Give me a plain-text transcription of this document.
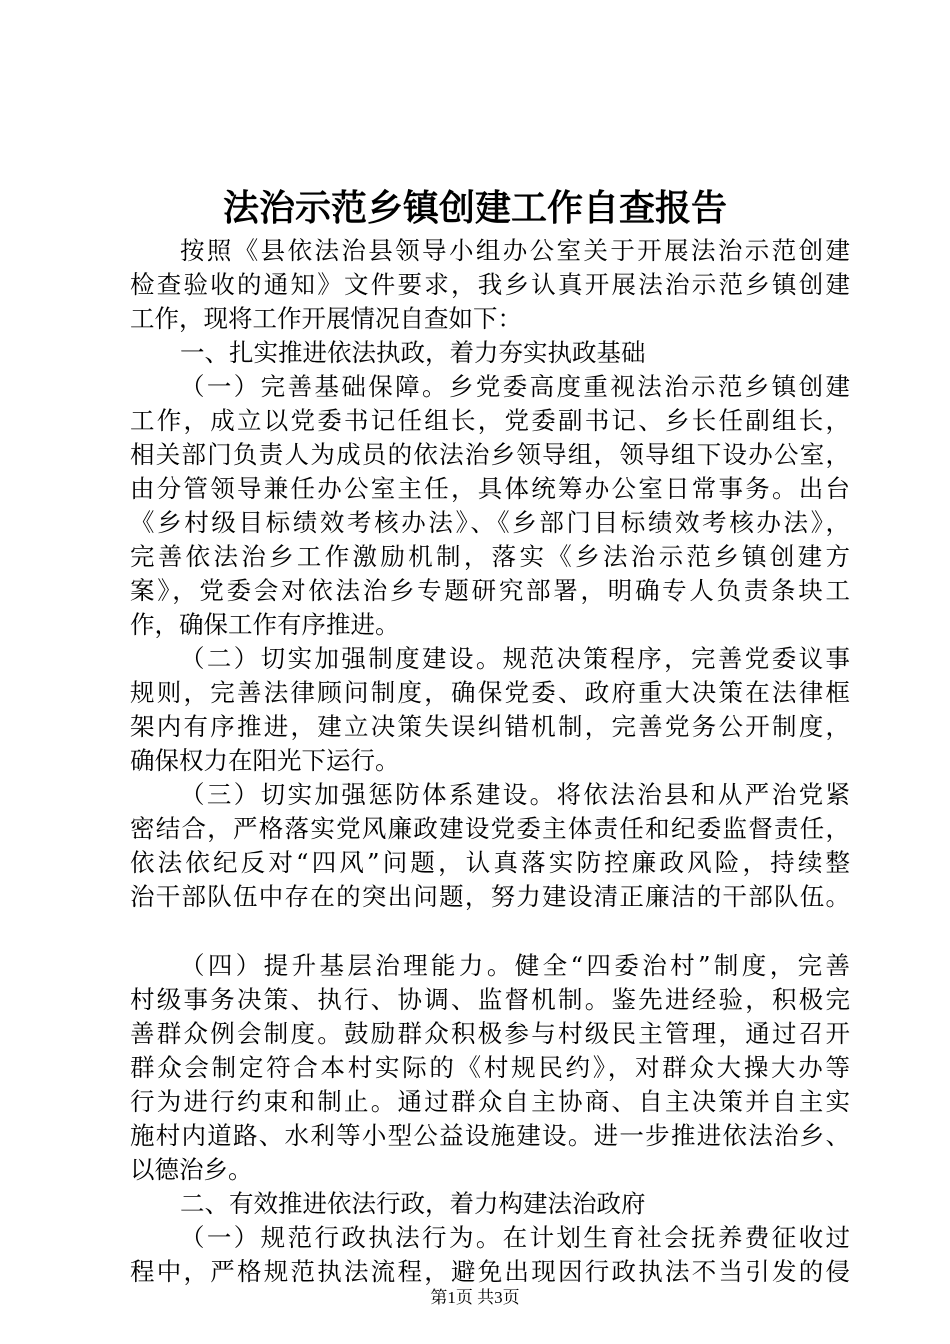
法治示范乡镇创建工作自查报告
按照《县依法治县领导小组办公室关于开展法治示范创建
检查验收的通知》文件要求，我乡认真开展法治示范乡镇创建
工作，现将工作开展情况自查如下：
一、扎实推进依法执政，着力夯实执政基础
（一）完善基础保障。乡党委高度重视法治示范乡镇创建
工作，成立以党委书记任组长，党委副书记、乡长任副组长，
相关部门负责人为成员的依法治乡领导组，领导组下设办公室，
由分管领导兼任办公室主任，具体统筹办公室日常事务。出台
《乡村级目标绩效考核办法》、《乡部门目标绩效考核办法》，
完善依法治乡工作激励机制，落实《乡法治示范乡镇创建方
案》，党委会对依法治乡专题研究部署，明确专人负责条块工
作，确保工作有序推进。
（二）切实加强制度建设。规范决策程序，完善党委议事
规则，完善法律顾问制度，确保党委、政府重大决策在法律框
架内有序推进，建立决策失误纠错机制，完善党务公开制度，
确保权力在阳光下运行。
（三）切实加强惩防体系建设。将依法治县和从严治党紧
密结合，严格落实党风廉政建设党委主体责任和纪委监督责任，
依法依纪反对“四风”问题，认真落实防控廉政风险，持续整
治干部队伍中存在的突出问题，努力建设清正廉洁的干部队伍。
（四）提升基层治理能力。健全“四委治村”制度，完善
村级事务决策、执行、协调、监督机制。鉴先进经验，积极完
善群众例会制度。鼓励群众积极参与村级民主管理，通过召开
群众会制定符合本村实际的《村规民约》，对群众大操大办等
行为进行约束和制止。通过群众自主协商、自主决策并自主实
施村内道路、水利等小型公益设施建设。进一步推进依法治乡、
以德治乡。
二、有效推进依法行政，着力构建法治政府
（一）规范行政执法行为。在计划生育社会抚养费征收过
程中，严格规范执法流程，避免出现因行政执法不当引发的侵
第1页 共3页
